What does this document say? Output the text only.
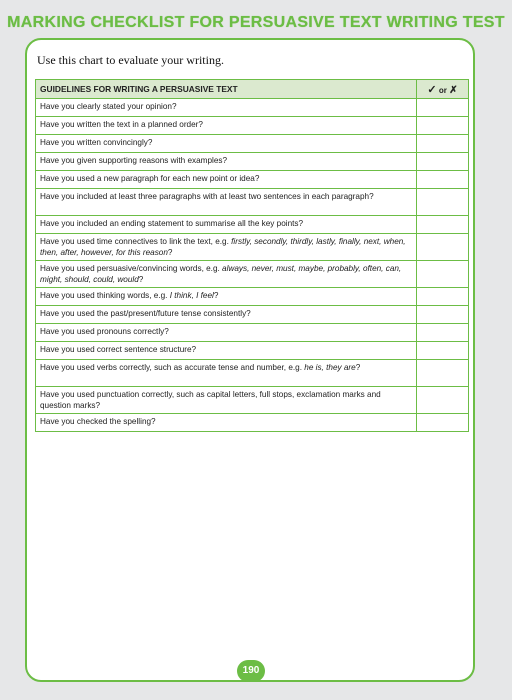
MARKING CHECKLIST FOR PERSUASIVE TEXT WRITING TEST
Use this chart to evaluate your writing.
GUIDELINES FOR WRITING A PERSUASIVE TEXT	✓ or ✗
Have you clearly stated your opinion?	
Have you written the text in a planned order?	
Have you written convincingly?	
Have you given supporting reasons with examples?	
Have you used a new paragraph for each new point or idea?	
Have you included at least three paragraphs with at least two sentences in each paragraph?	
Have you included an ending statement to summarise all the key points?	
Have you used time connectives to link the text, e.g. firstly, secondly, thirdly, lastly, finally, next, when, then, after, however, for this reason?	
Have you used persuasive/convincing words, e.g. always, never, must, maybe, probably, often, can, might, should, could, would?	
Have you used thinking words, e.g. I think, I feel?	
Have you used the past/present/future tense consistently?	
Have you used pronouns correctly?	
Have you used correct sentence structure?	
Have you used verbs correctly, such as accurate tense and number, e.g. he is, they are?	
Have you used punctuation correctly, such as capital letters, full stops, exclamation marks and question marks?	
Have you checked the spelling?	
190
